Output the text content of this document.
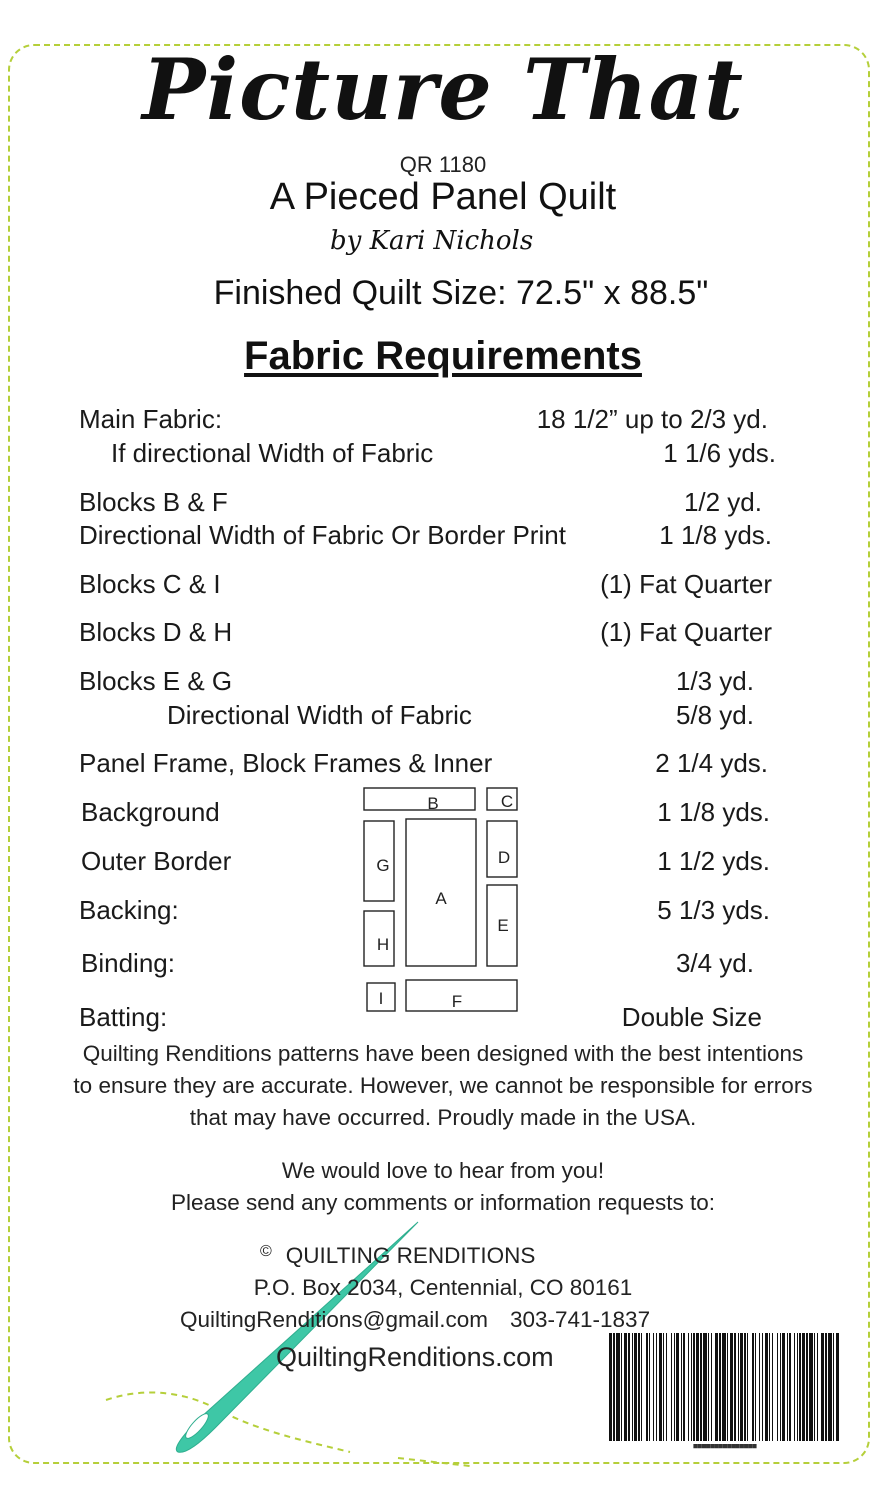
Picture That
QR 1180
A Pieced Panel Quilt
by Kari Nichols
Finished Quilt Size: 72.5" x 88.5"
Fabric Requirements
Main Fabric:
If directional Width of Fabric
Blocks B & F
Directional Width of Fabric Or Border Print
Blocks C & I
Blocks D & H
Blocks E & G
Directional Width of Fabric
Panel Frame, Block Frames & Inner
Background
Outer Border
Backing:
Binding:
Batting:
18 1/2” up to 2/3 yd.
1 1/6 yds.
1/2 yd.
1 1/8 yds.
(1) Fat Quarter
(1) Fat Quarter
1/3 yd.
5/8 yd.
2 1/4 yds.
1 1/8 yds.
1 1/2 yds.
5 1/3 yds.
3/4 yd.
Double Size
B	C
G
A
D
E
H
I	F
Quilting Renditions patterns have been designed with the best intentions
to ensure they are accurate. However, we cannot be responsible for errors
that may have occurred. Proudly made in the USA.
We would love to hear from you!
Please send any comments or information requests to:
© QUILTING RENDITIONS
P.O. Box 2034, Centennial, CO 80161
QuiltingRenditions@gmail.com 303-741-1837
QuiltingRenditions.com
■■■■■■■■■■■■■■■
